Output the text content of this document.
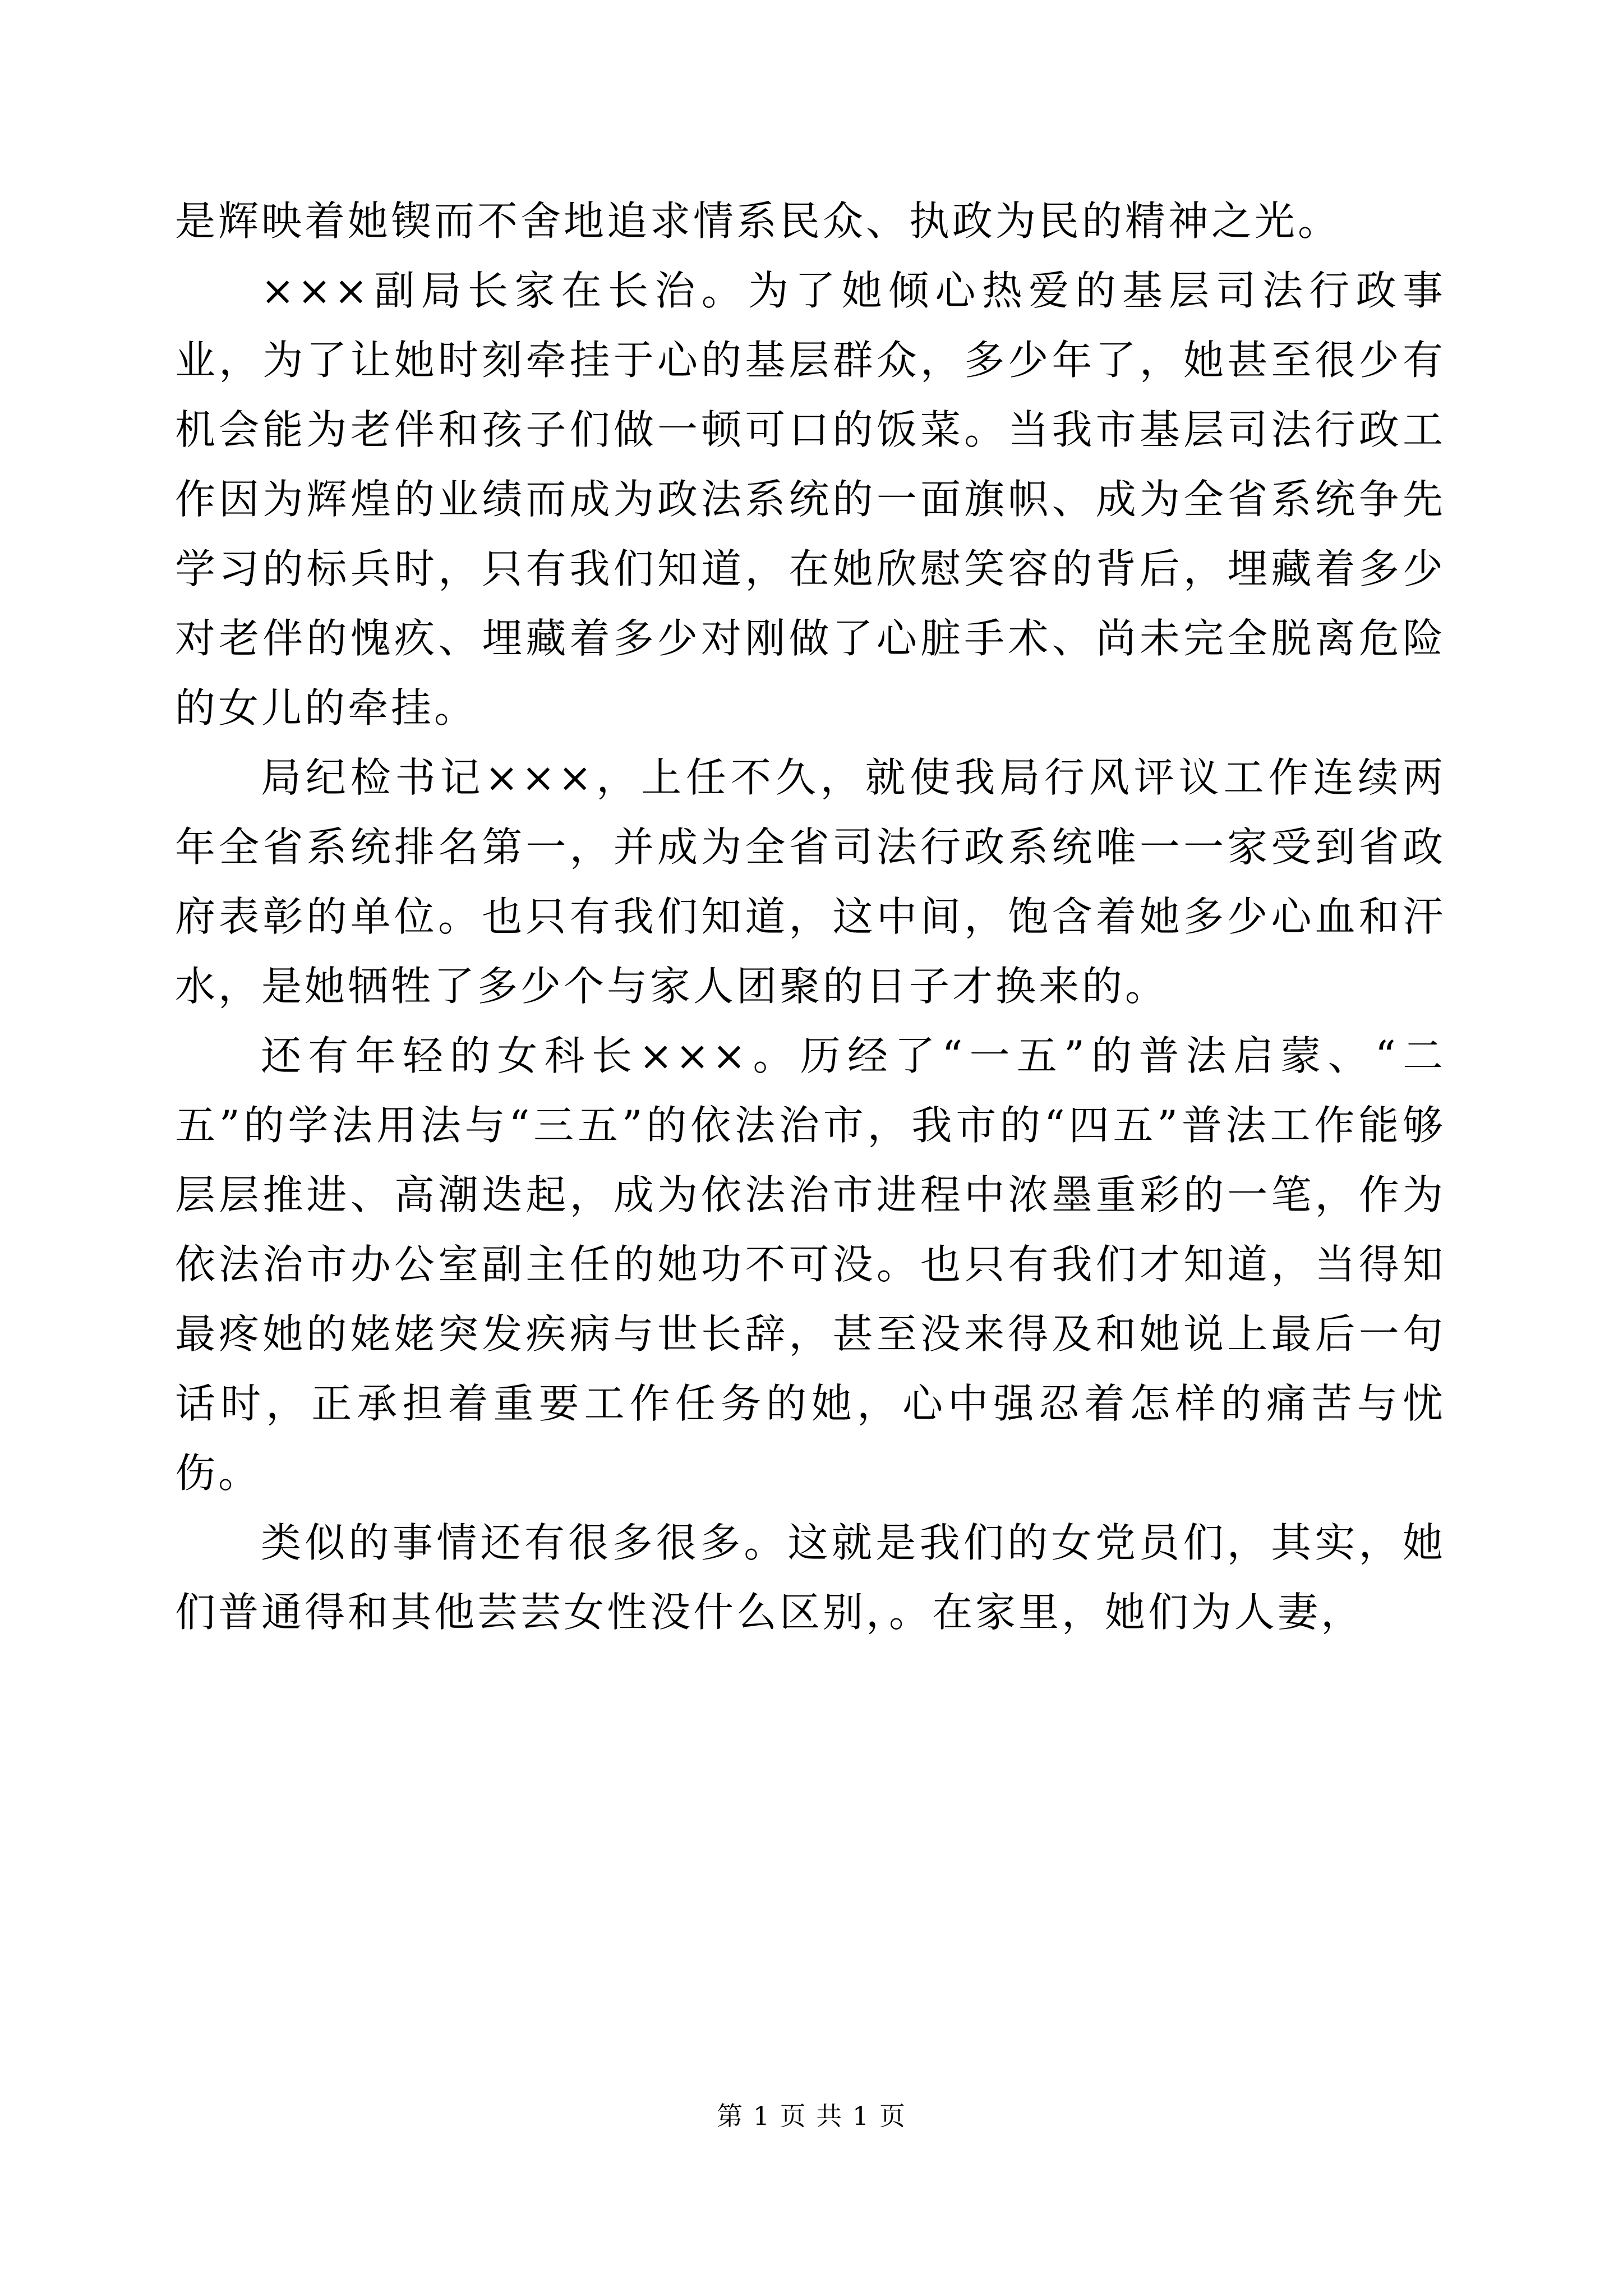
是辉映着她锲而不舍地追求情系民众、执政为民的精神之光。

×××副局长家在长治。为了她倾心热爱的基层司法行政事业，为了让她时刻牵挂于心的基层群众，多少年了，她甚至很少有机会能为老伴和孩子们做一顿可口的饭菜。当我市基层司法行政工作因为辉煌的业绩而成为政法系统的一面旗帜、成为全省系统争先学习的标兵时，只有我们知道，在她欣慰笑容的背后，埋藏着多少对老伴的愧疚、埋藏着多少对刚做了心脏手术、尚未完全脱离危险的女儿的牵挂。

局纪检书记×××，上任不久，就使我局行风评议工作连续两年全省系统排名第一，并成为全省司法行政系统唯一一家受到省政府表彰的单位。也只有我们知道，这中间，饱含着她多少心血和汗水，是她牺牲了多少个与家人团聚的日子才换来的。

还有年轻的女科长×××。历经了“一五”的普法启蒙、“二五”的学法用法与“三五”的依法治市，我市的“四五”普法工作能够层层推进、高潮迭起，成为依法治市进程中浓墨重彩的一笔，作为依法治市办公室副主任的她功不可没。也只有我们才知道，当得知最疼她的姥姥突发疾病与世长辞，甚至没来得及和她说上最后一句话时，正承担着重要工作任务的她，心中强忍着怎样的痛苦与忧伤。

类似的事情还有很多很多。这就是我们的女党员们，其实，她们普通得和其他芸芸女性没什么区别，。在家里，她们为人妻，

第 1 页 共 1 页
